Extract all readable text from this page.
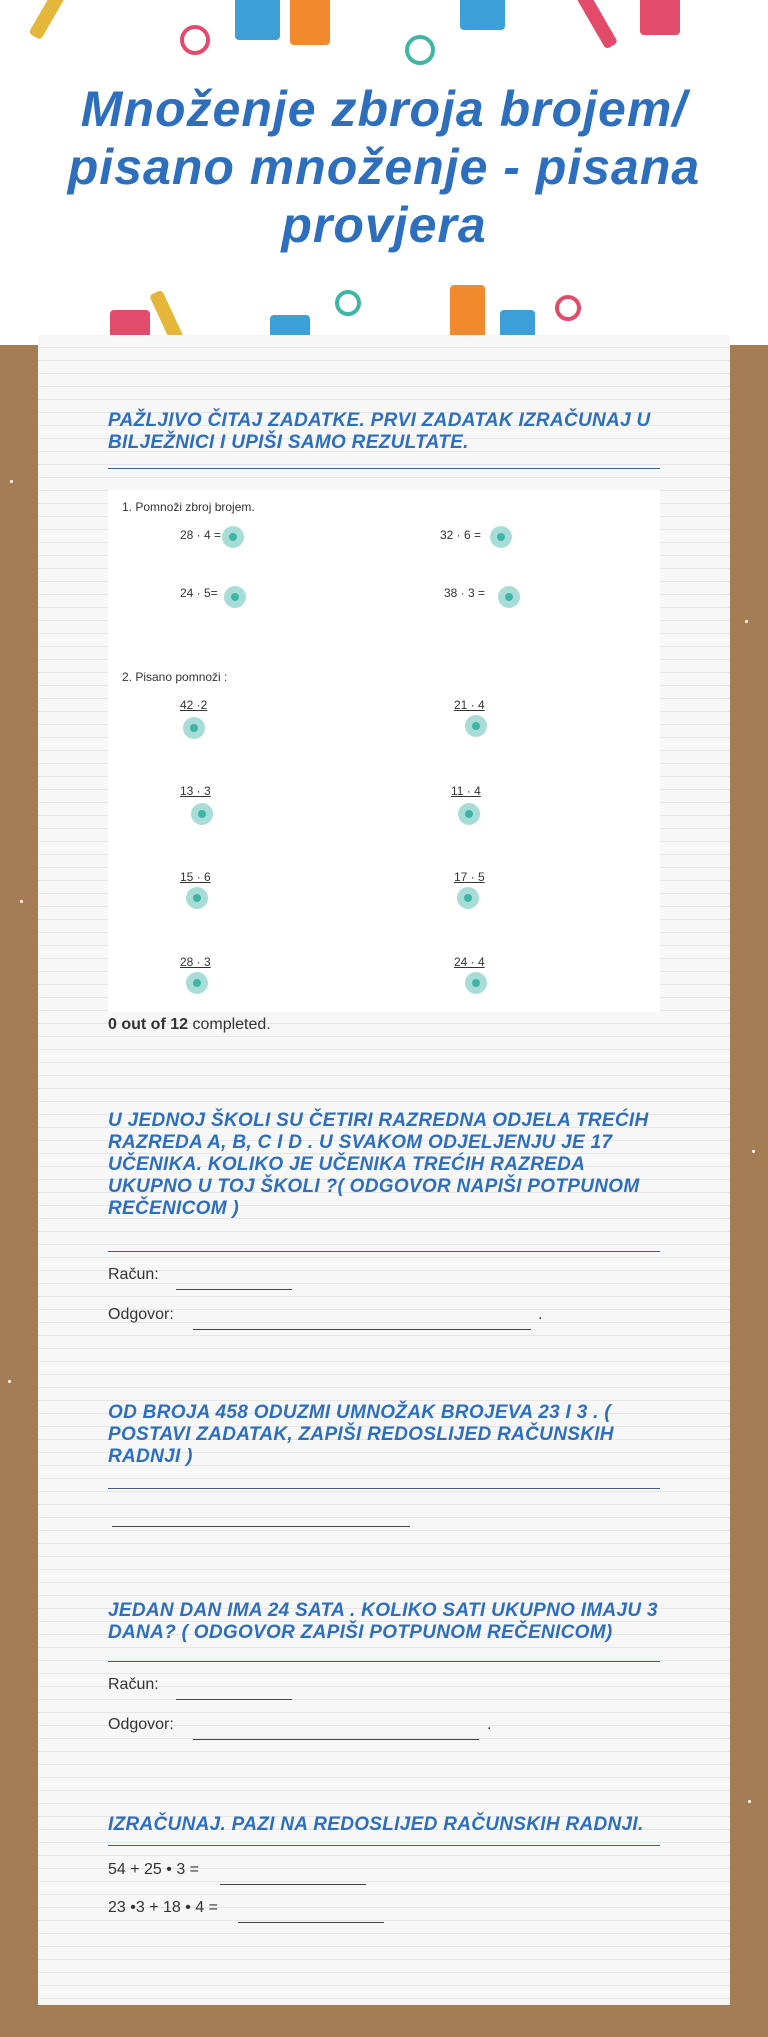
Množenje zbroja brojem/ pisano množenje - pisana provjera
PAŽLJIVO ČITAJ ZADATKE. PRVI ZADATAK IZRAČUNAJ U BILJEŽNICI I UPIŠI SAMO REZULTATE.
1. Pomnoži zbroj brojem.
28 · 4 =	32 · 6 =
24 · 5=	38 · 3 =
2. Pisano pomnoži :
42 ·2	21 · 4
13 · 3	11 · 4
15 · 6	17 · 5
28 · 3	24 · 4
0 out of 12 completed.
U JEDNOJ ŠKOLI SU ČETIRI RAZREDNA ODJELA TREĆIH RAZREDA A, B, C I D . U SVAKOM ODJELJENJU JE 17 UČENIKA. KOLIKO JE UČENIKA TREĆIH RAZREDA UKUPNO U TOJ ŠKOLI ?( ODGOVOR NAPIŠI POTPUNOM REČENICOM )
Račun:
Odgovor:	.
OD BROJA 458 ODUZMI UMNOŽAK BROJEVA 23 I 3 . ( POSTAVI ZADATAK, ZAPIŠI REDOSLIJED RAČUNSKIH RADNJI )
JEDAN DAN IMA 24 SATA . KOLIKO SATI UKUPNO IMAJU 3 DANA? ( ODGOVOR ZAPIŠI POTPUNOM REČENICOM)
Račun:
Odgovor:	.
IZRAČUNAJ. PAZI NA REDOSLIJED RAČUNSKIH RADNJI.
54 + 25 • 3 =
23 •3 + 18 • 4 =
